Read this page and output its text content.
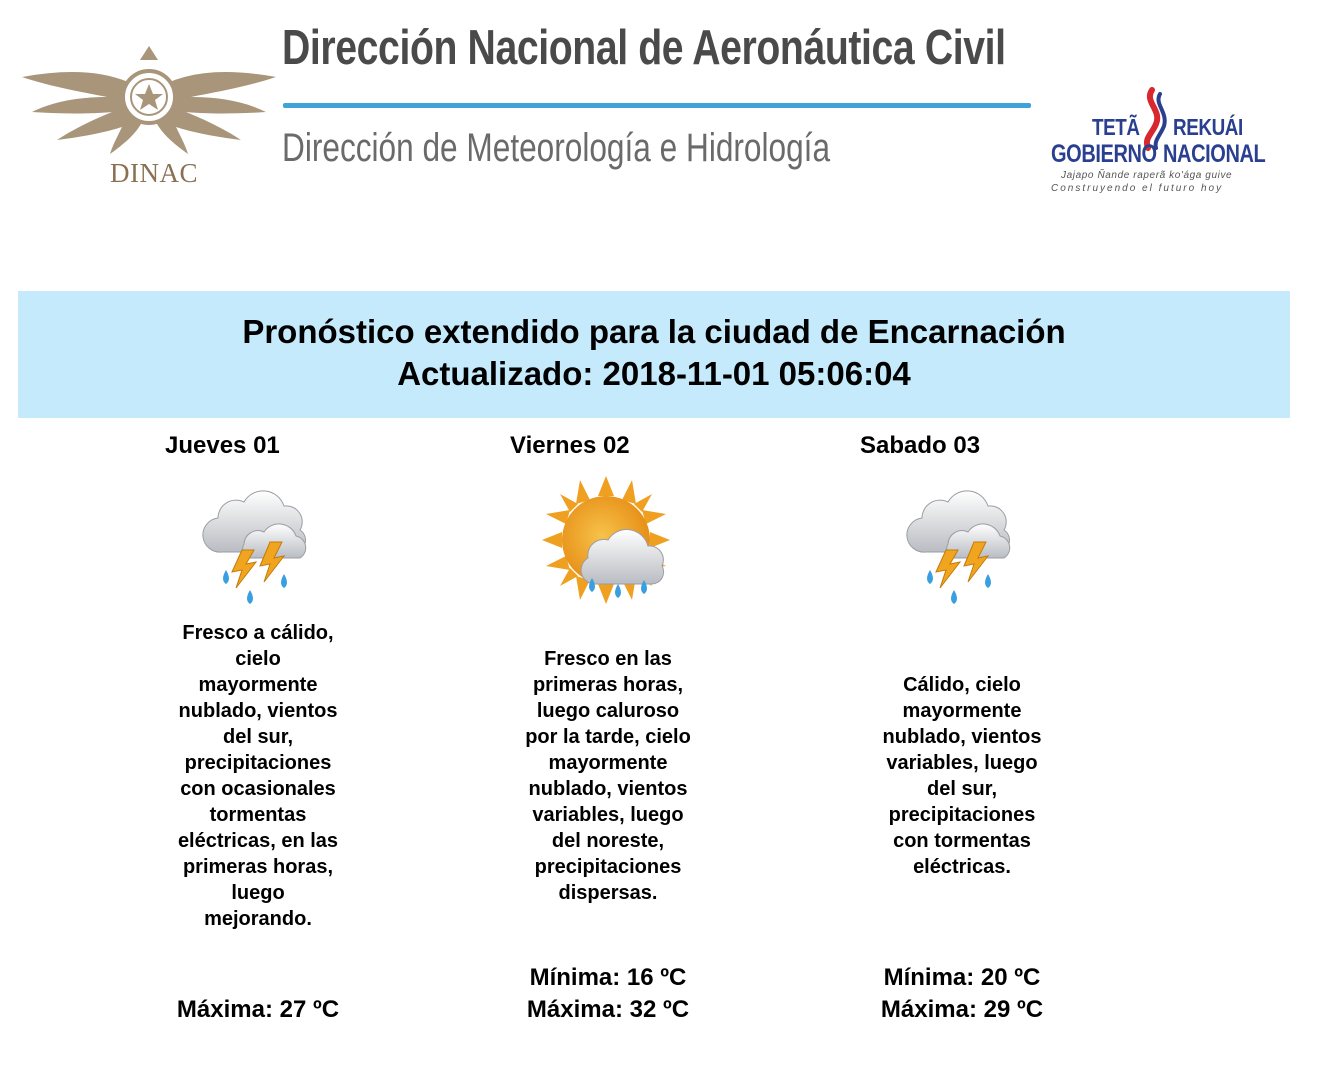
DINAC
Dirección Nacional de Aeronáutica Civil
Dirección de Meteorología e Hidrología	TETÃ REKUÁI
GOBIERNO NACIONAL
Jajapo Ñande raperã ko'ága guive
Construyendo el futuro hoy
Pronóstico extendido para la ciudad de Encarnación
Actualizado: 2018-11-01 05:06:04
Jueves 01
Fresco a cálido,
cielo
mayormente
nublado, vientos
del sur,
precipitaciones
con ocasionales
tormentas
eléctricas, en las
primeras horas,
luego
mejorando.
Máxima: 27 ºC
Viernes 02
Fresco en las
primeras horas,
luego caluroso
por la tarde, cielo
mayormente
nublado, vientos
variables, luego
del noreste,
precipitaciones
dispersas.
Mínima: 16 ºC
Máxima: 32 ºC
Sabado 03
Cálido, cielo
mayormente
nublado, vientos
variables, luego
del sur,
precipitaciones
con tormentas
eléctricas.
Mínima: 20 ºC
Máxima: 29 ºC
